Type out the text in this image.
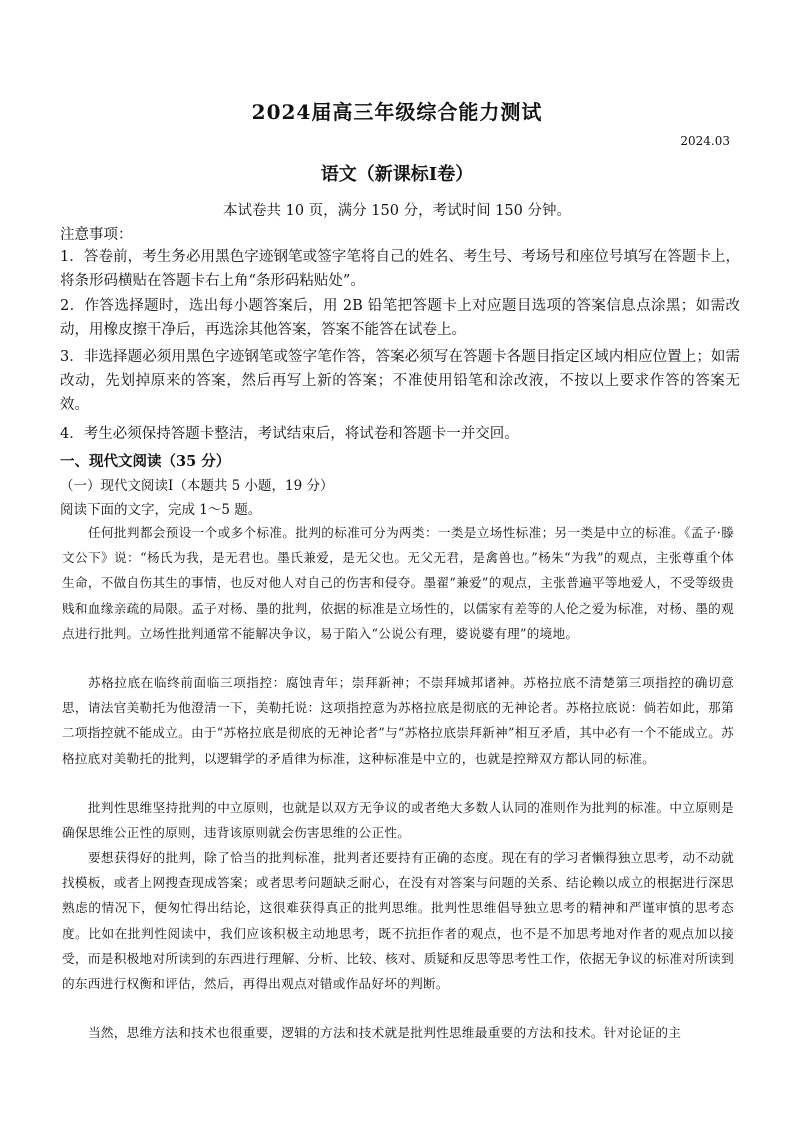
2024届高三年级综合能力测试
2024.03
语文（新课标Ⅰ卷）
本试卷共 10 页，满分 150 分，考试时间 150 分钟。
注意事项：
1．答卷前，考生务必用黑色字迹钢笔或签字笔将自己的姓名、考生号、考场号和座位号填写在答题卡上，将条形码横贴在答题卡右上角“条形码粘贴处”。
2．作答选择题时，选出每小题答案后，用 2B 铅笔把答题卡上对应题目选项的答案信息点涂黑；如需改动，用橡皮擦干净后，再选涂其他答案，答案不能答在试卷上。
3．非选择题必须用黑色字迹钢笔或签字笔作答，答案必须写在答题卡各题目指定区域内相应位置上；如需改动，先划掉原来的答案，然后再写上新的答案；不准使用铅笔和涂改液，不按以上要求作答的答案无效。
4．考生必须保持答题卡整洁，考试结束后，将试卷和答题卡一并交回。
一、现代文阅读（35 分）
（一）现代文阅读Ⅰ（本题共 5 小题，19 分）
阅读下面的文字，完成 1～5 题。
任何批判都会预设一个或多个标准。批判的标准可分为两类：一类是立场性标准；另一类是中立的标准。《孟子·滕文公下》说：“杨氏为我，是无君也。墨氏兼爱，是无父也。无父无君，是禽兽也。”杨朱“为我”的观点，主张尊重个体生命，不做自伤其生的事情，也反对他人对自己的伤害和侵夺。墨翟“兼爱”的观点，主张普遍平等地爱人，不受等级贵贱和血缘亲疏的局限。孟子对杨、墨的批判，依据的标准是立场性的，以儒家有差等的人伦之爱为标准，对杨、墨的观点进行批判。立场性批判通常不能解决争议，易于陷入“公说公有理，婆说婆有理”的境地。
苏格拉底在临终前面临三项指控：腐蚀青年；崇拜新神；不崇拜城邦诸神。苏格拉底不清楚第三项指控的确切意思，请法官美勒托为他澄清一下，美勒托说：这项指控意为苏格拉底是彻底的无神论者。苏格拉底说：倘若如此，那第二项指控就不能成立。由于“苏格拉底是彻底的无神论者”与“苏格拉底崇拜新神”相互矛盾，其中必有一个不能成立。苏格拉底对美勒托的批判，以逻辑学的矛盾律为标准，这种标准是中立的，也就是控辩双方都认同的标准。
批判性思维坚持批判的中立原则，也就是以双方无争议的或者绝大多数人认同的准则作为批判的标准。中立原则是确保思维公正性的原则，违背该原则就会伤害思维的公正性。
要想获得好的批判，除了恰当的批判标准，批判者还要持有正确的态度。现在有的学习者懒得独立思考，动不动就找模板，或者上网搜查现成答案；或者思考问题缺乏耐心，在没有对答案与问题的关系、结论赖以成立的根据进行深思熟虑的情况下，便匆忙得出结论，这很难获得真正的批判思维。批判性思维倡导独立思考的精神和严谨审慎的思考态度。比如在批判性阅读中，我们应该积极主动地思考，既不抗拒作者的观点，也不是不加思考地对作者的观点加以接受，而是积极地对所读到的东西进行理解、分析、比较、核对、质疑和反思等思考性工作，依据无争议的标准对所读到的东西进行权衡和评估，然后，再得出观点对错或作品好坏的判断。
当然，思维方法和技术也很重要，逻辑的方法和技术就是批判性思维最重要的方法和技术。针对论证的主
